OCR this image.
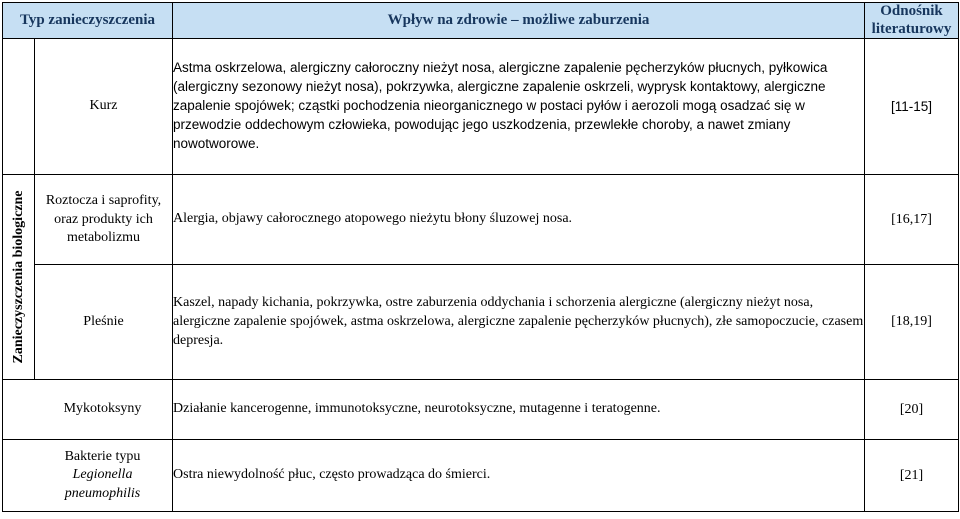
Typ zanieczyszczenia		Wpływ na zdrowie – możliwe zaburzenia	Odnośnik literaturowy
	Kurz	Astma oskrzelowa, alergiczny całoroczny nieżyt nosa, alergiczne zapalenie pęcherzyków płucnych, pyłkowica (alergiczny sezonowy nieżyt nosa), pokrzywka, alergiczne zapalenie oskrzeli, wyprysk kontaktowy, alergiczne zapalenie spojówek; cząstki pochodzenia nieorganicznego w postaci pyłów i aerozoli mogą osadzać się w przewodzie oddechowym człowieka, powodując jego uszkodzenia, przewlekłe choroby, a nawet zmiany nowotworowe.	[11-15]

Zanieczyszczenia biologiczne	Roztocza i saprofity, oraz produkty ich metabolizmu	Alergia, objawy całorocznego atopowego nieżytu błony śluzowej nosa.	[16,17]
	Pleśnie	Kaszel, napady kichania, pokrzywka, ostre zaburzenia oddychania i schorzenia alergiczne (alergiczny nieżyt nosa, alergiczne zapalenie spojówek, astma oskrzelowa, alergiczne zapalenie pęcherzyków płucnych), złe samopoczucie, czasem depresja.	[18,19]
Mykotoksyny		Działanie kancerogenne, immunotoksyczne, neurotoksyczne, mutagenne i teratogenne.	[20]

Bakterie typu
Legionella
pneumophilis		Ostra niewydolność płuc, często prowadząca do śmierci.	[21]
